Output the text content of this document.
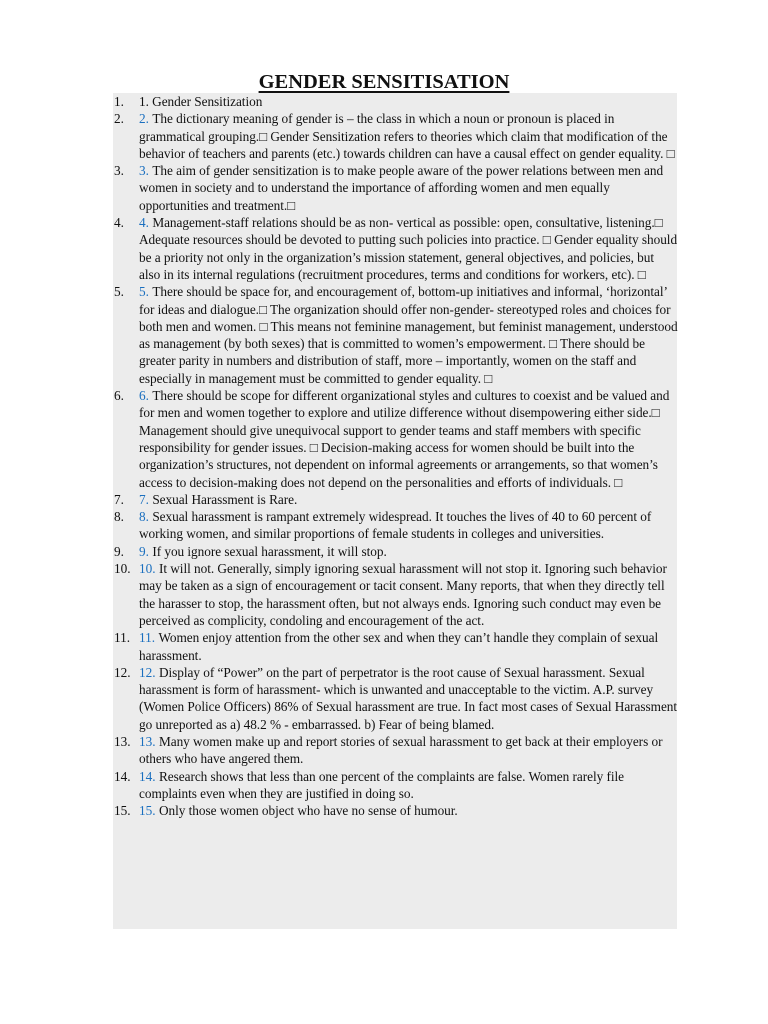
GENDER SENSITISATION
1. 1. Gender Sensitization
2. 2. The dictionary meaning of gender is – the class in which a noun or pronoun is placed in grammatical grouping.□ Gender Sensitization refers to theories which claim that modification of the behavior of teachers and parents (etc.) towards children can have a causal effect on gender equality. □
3. 3. The aim of gender sensitization is to make people aware of the power relations between men and women in society and to understand the importance of affording women and men equally opportunities and treatment.□
4. 4. Management-staff relations should be as non- vertical as possible: open, consultative, listening.□ Adequate resources should be devoted to putting such policies into practice. □ Gender equality should be a priority not only in the organization’s mission statement, general objectives, and policies, but also in its internal regulations (recruitment procedures, terms and conditions for workers, etc). □
5. 5. There should be space for, and encouragement of, bottom-up initiatives and informal, ‘horizontal’ for ideas and dialogue.□ The organization should offer non-gender- stereotyped roles and choices for both men and women. □ This means not feminine management, but feminist management, understood as management (by both sexes) that is committed to women’s empowerment. □ There should be greater parity in numbers and distribution of staff, more – importantly, women on the staff and especially in management must be committed to gender equality. □
6. 6. There should be scope for different organizational styles and cultures to coexist and be valued and for men and women together to explore and utilize difference without disempowering either side.□ Management should give unequivocal support to gender teams and staff members with specific responsibility for gender issues. □ Decision-making access for women should be built into the organization’s structures, not dependent on informal agreements or arrangements, so that women’s access to decision-making does not depend on the personalities and efforts of individuals. □
7. 7. Sexual Harassment is Rare.
8. 8. Sexual harassment is rampant extremely widespread. It touches the lives of 40 to 60 percent of working women, and similar proportions of female students in colleges and universities.
9. 9. If you ignore sexual harassment, it will stop.
10. 10. It will not. Generally, simply ignoring sexual harassment will not stop it. Ignoring such behavior may be taken as a sign of encouragement or tacit consent. Many reports, that when they directly tell the harasser to stop, the harassment often, but not always ends. Ignoring such conduct may even be perceived as complicity, condoling and encouragement of the act.
11. 11. Women enjoy attention from the other sex and when they can’t handle they complain of sexual harassment.
12. 12. Display of “Power” on the part of perpetrator is the root cause of Sexual harassment. Sexual harassment is form of harassment- which is unwanted and unacceptable to the victim. A.P. survey (Women Police Officers) 86% of Sexual harassment are true. In fact most cases of Sexual Harassment go unreported as a) 48.2 % - embarrassed. b) Fear of being blamed.
13. 13. Many women make up and report stories of sexual harassment to get back at their employers or others who have angered them.
14. 14. Research shows that less than one percent of the complaints are false. Women rarely file complaints even when they are justified in doing so.
15. 15. Only those women object who have no sense of humour.
